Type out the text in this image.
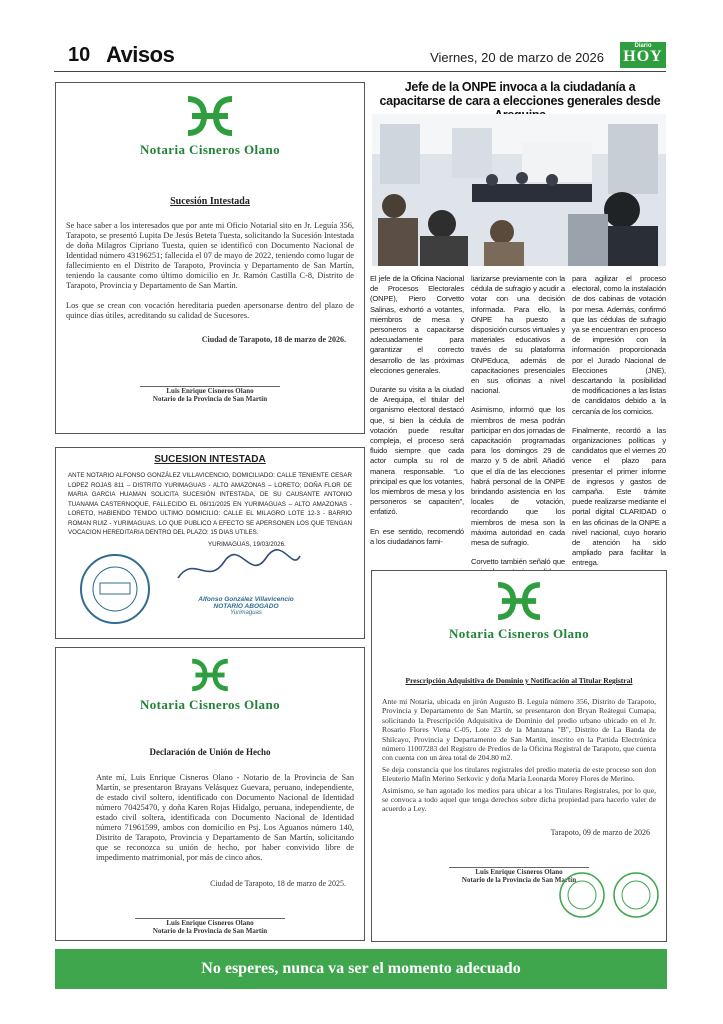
10 Avisos	Viernes, 20 de marzo de 2026
Diario
HOY
Notaria Cisneros Olano
Sucesión Intestada
Se hace saber a los interesados que por ante mi Oficio Notarial sito en Jr. Leguía 356, Tarapoto, se presentó Lupita De Jesús Beteta Tuesta, solicitando la Sucesión Intestada de doña Milagros Cipriano Tuesta, quien se identificó con Documento Nacional de Identidad número 43196251; fallecida el 07 de mayo de 2022, teniendo como lugar de fallecimiento en el Distrito de Tarapoto, Provincia y Departamento de San Martín, teniendo la causante como último domicilio en Jr. Ramón Castilla C-8, Distrito de Tarapoto, Provincia y Departamento de San Martín.
Los que se crean con vocación hereditaria pueden apersonarse dentro del plazo de quince días útiles, acreditando su calidad de Sucesores.
Ciudad de Tarapoto, 18 de marzo de 2026.
Luis Enrique Cisneros Olano
Notario de la Provincia de San Martín
SUCESION INTESTADA
ANTE NOTARIO ALFONSO GONZÁLEZ VILLAVICENCIO, DOMICILIADO: CALLE TENIENTE CESAR LOPEZ ROJAS 811 – DISTRITO YURIMAGUAS - ALTO AMAZONAS – LORETO; DOÑA FLOR DE MARIA GARCIA HUAMAN SOLICITA SUCESIÓN INTESTADA, DE SU CAUSANTE ANTONIO TUANAMA CASTERNOQUE, FALLECIDO EL 06/11/2025 EN YURIMAGUAS – ALTO AMAZONAS - LORETO, HABIENDO TENIDO ULTIMO DOMICILIO: CALLE EL MILAGRO LOTE 12-3 - BARRIO ROMAN RUIZ - YURIMAGUAS. LO QUE PUBLICO A EFECTO SE APERSONEN LOS QUE TENGAN VOCACION HEREDITARIA DENTRO DEL PLAZO: 15 DIAS UTILES.
YURIMAGUAS, 19/03/2026.
Alfonso González Villavicencio
NOTARIO ABOGADO
Yurimaguas
Notaria Cisneros Olano
Declaración de Unión de Hecho
Ante mí, Luis Enrique Cisneros Olano - Notario de la Provincia de San Martín, se presentaron Brayans Velásquez Guevara, peruano, independiente, de estado civil soltero, identificado con Documento Nacional de Identidad número 70425470, y doña Karen Rojas Hidalgo, peruana, independiente, de estado civil soltera, identificada con Documento Nacional de Identidad número 71961599, ambos con domicilio en Psj. Los Aguanos número 140, Distrito de Tarapoto, Provincia y Departamento de San Martín, solicitando que se reconozca su unión de hecho, por haber convivido libre de impedimento matrimonial, por más de cinco años.
Ciudad de Tarapoto, 18 de marzo de 2025.
Luis Enrique Cisneros Olano
Notario de la Provincia de San Martín
Jefe de la ONPE invoca a la ciudadanía a capacitarse de cara a elecciones generales desde

El jefe de la Oficina Nacional de Procesos Electorales (ONPE), Piero Corvetto Salinas, exhortó a votantes, miembros de mesa y personeros a capacitarse adecuadamente para garantizar el correcto desarrollo de las próximas elecciones generales.

Durante su visita a la ciudad de Arequipa, el titular del organismo electoral destacó que, si bien la cédula de votación puede resultar compleja, el proceso será fluido siempre que cada actor cumpla su rol de manera responsable. “Lo principal es que los votantes, los miembros de mesa y los personeros se capaciten”, enfatizó.

En ese sentido, recomendó a los ciudadanos fami-

liarizarse previamente con la cédula de sufragio y acudir a votar con una decisión informada. Para ello, la ONPE ha puesto a disposición cursos virtuales y materiales educativos a través de su plataforma ONPEduca, además de capacitaciones presenciales en sus oficinas a nivel nacional.

Asimismo, informó que los miembros de mesa podrán participar en dos jornadas de capacitación programadas para los domingos 29 de marzo y 5 de abril. Añadió que el día de las elecciones habrá personal de la ONPE brindando asistencia en los locales de votación, recordando que los miembros de mesa son la máxima autoridad en cada mesa de sufragio.

Corvetto también señaló que

para agilizar el proceso electoral, como la instalación de dos cabinas de votación por mesa. Además, confirmó que las cédulas de sufragio ya se encuentran en proceso de impresión con la información proporcionada por el Jurado Nacional de Elecciones (JNE), descartando la posibilidad de modificaciones a las listas de candidatos debido a la cercanía de los comicios.

Finalmente, recordó a las organizaciones políticas y candidatos que el viernes 20 vence el plazo para presentar el primer informe de ingresos y gastos de campaña. Este trámite puede realizarse mediante el portal digital CLARIDAD o en las oficinas de la ONPE a nivel nacional, cuyo horario de atención ha sido ampliado para facilitar la entrega.

Notaria Cisneros Olano
Prescripción Adquisitiva de Dominio y Notificación al Titular Registral
Ante mi Notaría, ubicada en jirón Augusto B. Leguía número 356, Distrito de Tarapoto, Provincia y Departamento de San Martín, se presentaron don Bryan Reátegui Cumapa, solicitando la Prescripción Adquisitiva de Dominio del predio urbano ubicado en el Jr. Rosario Flores Viena C-05, Lote 23 de la Manzana "B", Distrito de La Banda de Shilcayo, Provincia y Departamento de San Martín, inscrito en la Partida Electrónica número 11007283 del Registro de Predios de la Oficina Registral de Tarapoto, que cuenta con cuenta con un área total de 204.80 m2.
Se deja constancia que los titulares registrales del predio materia de este proceso son don Eleuterio Mafín Merino Serkovic y doña María Leonarda Morey Flores de Merino.
Asimismo, se han agotado los medios para ubicar a los Titulares Registrales, por lo que, se convoca a todo aquel que tenga derechos sobre dicha propiedad para hacerlo valer de acuerdo a Ley.
Tarapoto, 09 de marzo de 2026
Luis Enrique Cisneros Olano
Notario de la Provincia de San Martín
No esperes, nunca va ser el momento adecuado
